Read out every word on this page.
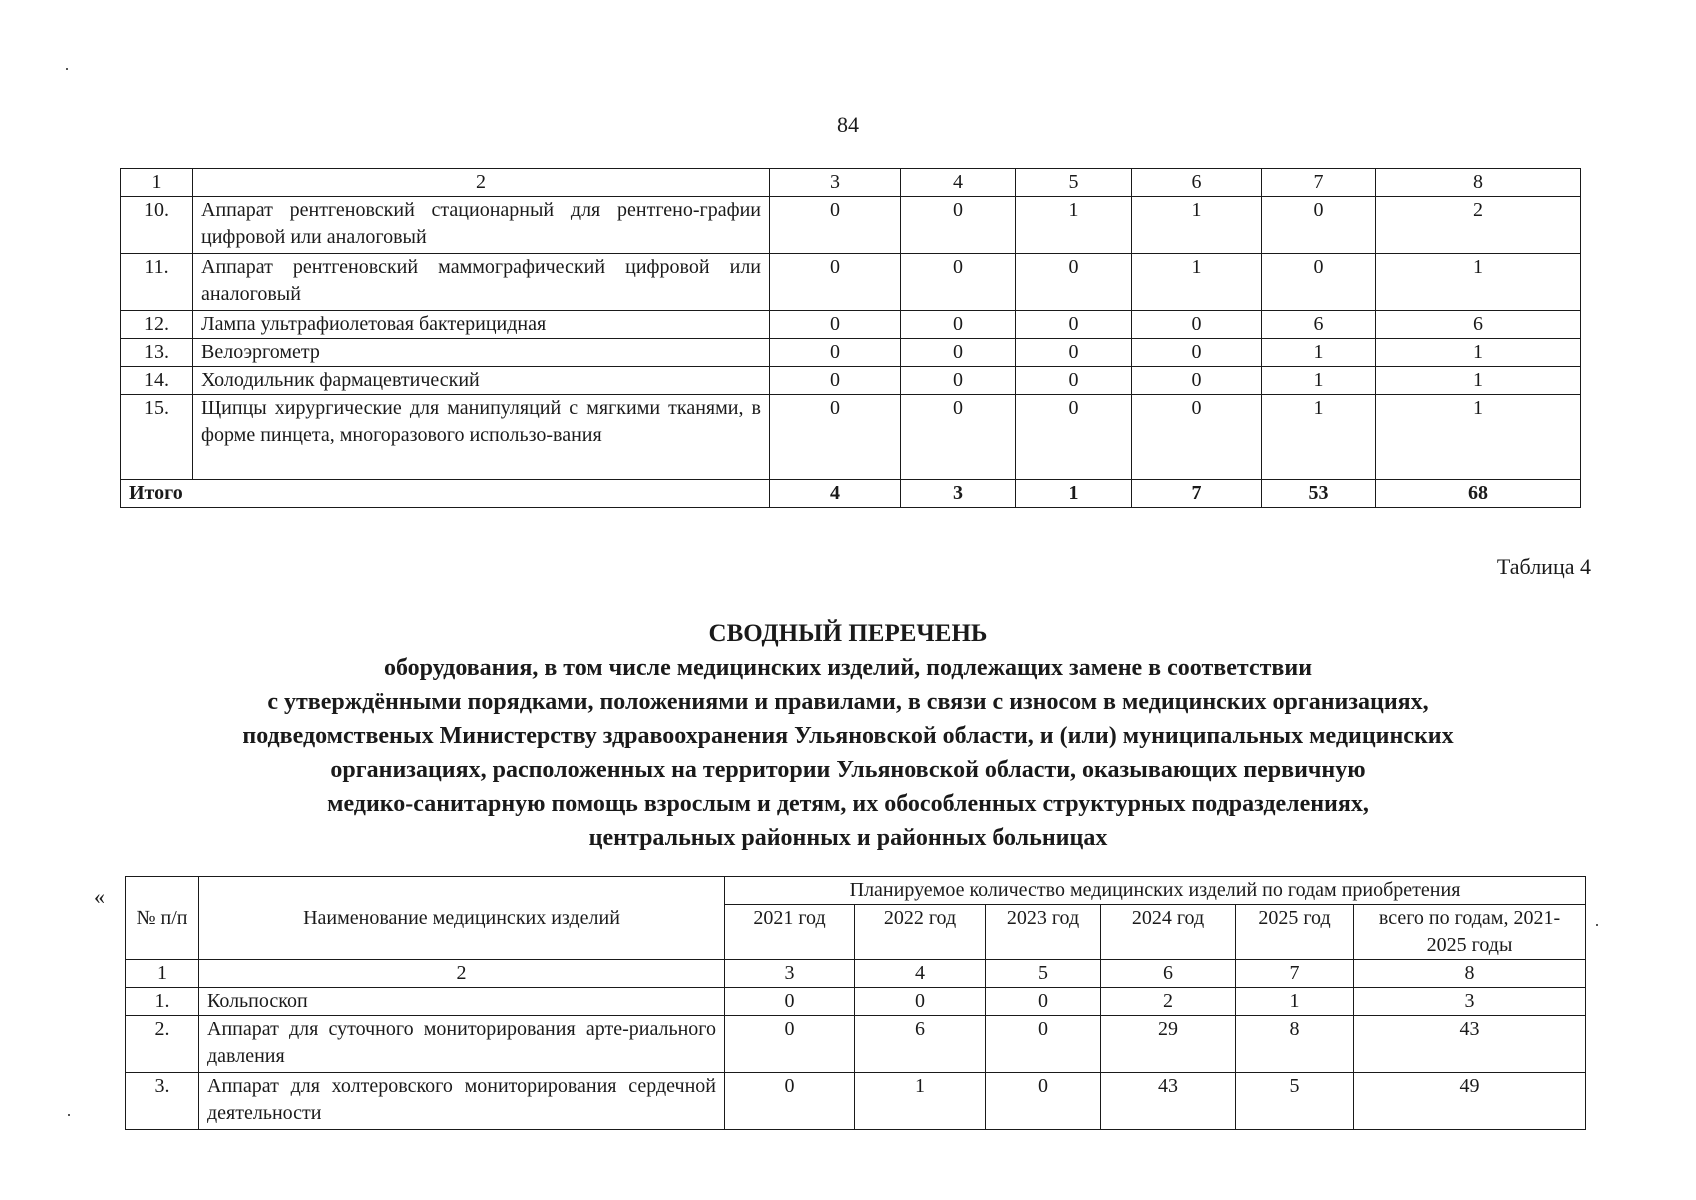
84
1	2	3	4	5	6	7	8
10.	Аппарат рентгеновский стационарный для рентгено-графии цифровой или аналоговый	0	0	1	1	0	2
11.	Аппарат рентгеновский маммографический цифровой или аналоговый	0	0	0	1	0	1
12.	Лампа ультрафиолетовая бактерицидная	0	0	0	0	6	6
13.	Велоэргометр	0	0	0	0	1	1
14.	Холодильник фармацевтический	0	0	0	0	1	1
15.	Щипцы хирургические для манипуляций с мягкими тканями, в форме пинцета, многоразового использо-вания	0	0	0	0	1	1
Итого		4	3	1	7	53	68
Таблица 4
СВОДНЫЙ ПЕРЕЧЕНЬ
оборудования, в том числе медицинских изделий, подлежащих замене в соответствии
с утверждёнными порядками, положениями и правилами, в связи с износом в медицинских организациях,
подведомственых Министерству здравоохранения Ульяновской области, и (или) муниципальных медицинских
организациях, расположенных на территории Ульяновской области, оказывающих первичную
медико-санитарную помощь взрослым и детям, их обособленных структурных подразделениях,
центральных районных и районных больницах
«
№ п/п	Наименование медицинских изделий	Планируемое количество медицинских изделий по годам приобретения					
		2021 год	2022 год	2023 год	2024 год	2025 год	всего по годам, 2021-2025 годы
1	2	3	4	5	6	7	8
1.	Кольпоскоп	0	0	0	2	1	3
2.	Аппарат для суточного мониторирования арте-риального давления	0	6	0	29	8	43
3.	Аппарат для холтеровского мониторирования сердечной деятельности	0	1	0	43	5	49
